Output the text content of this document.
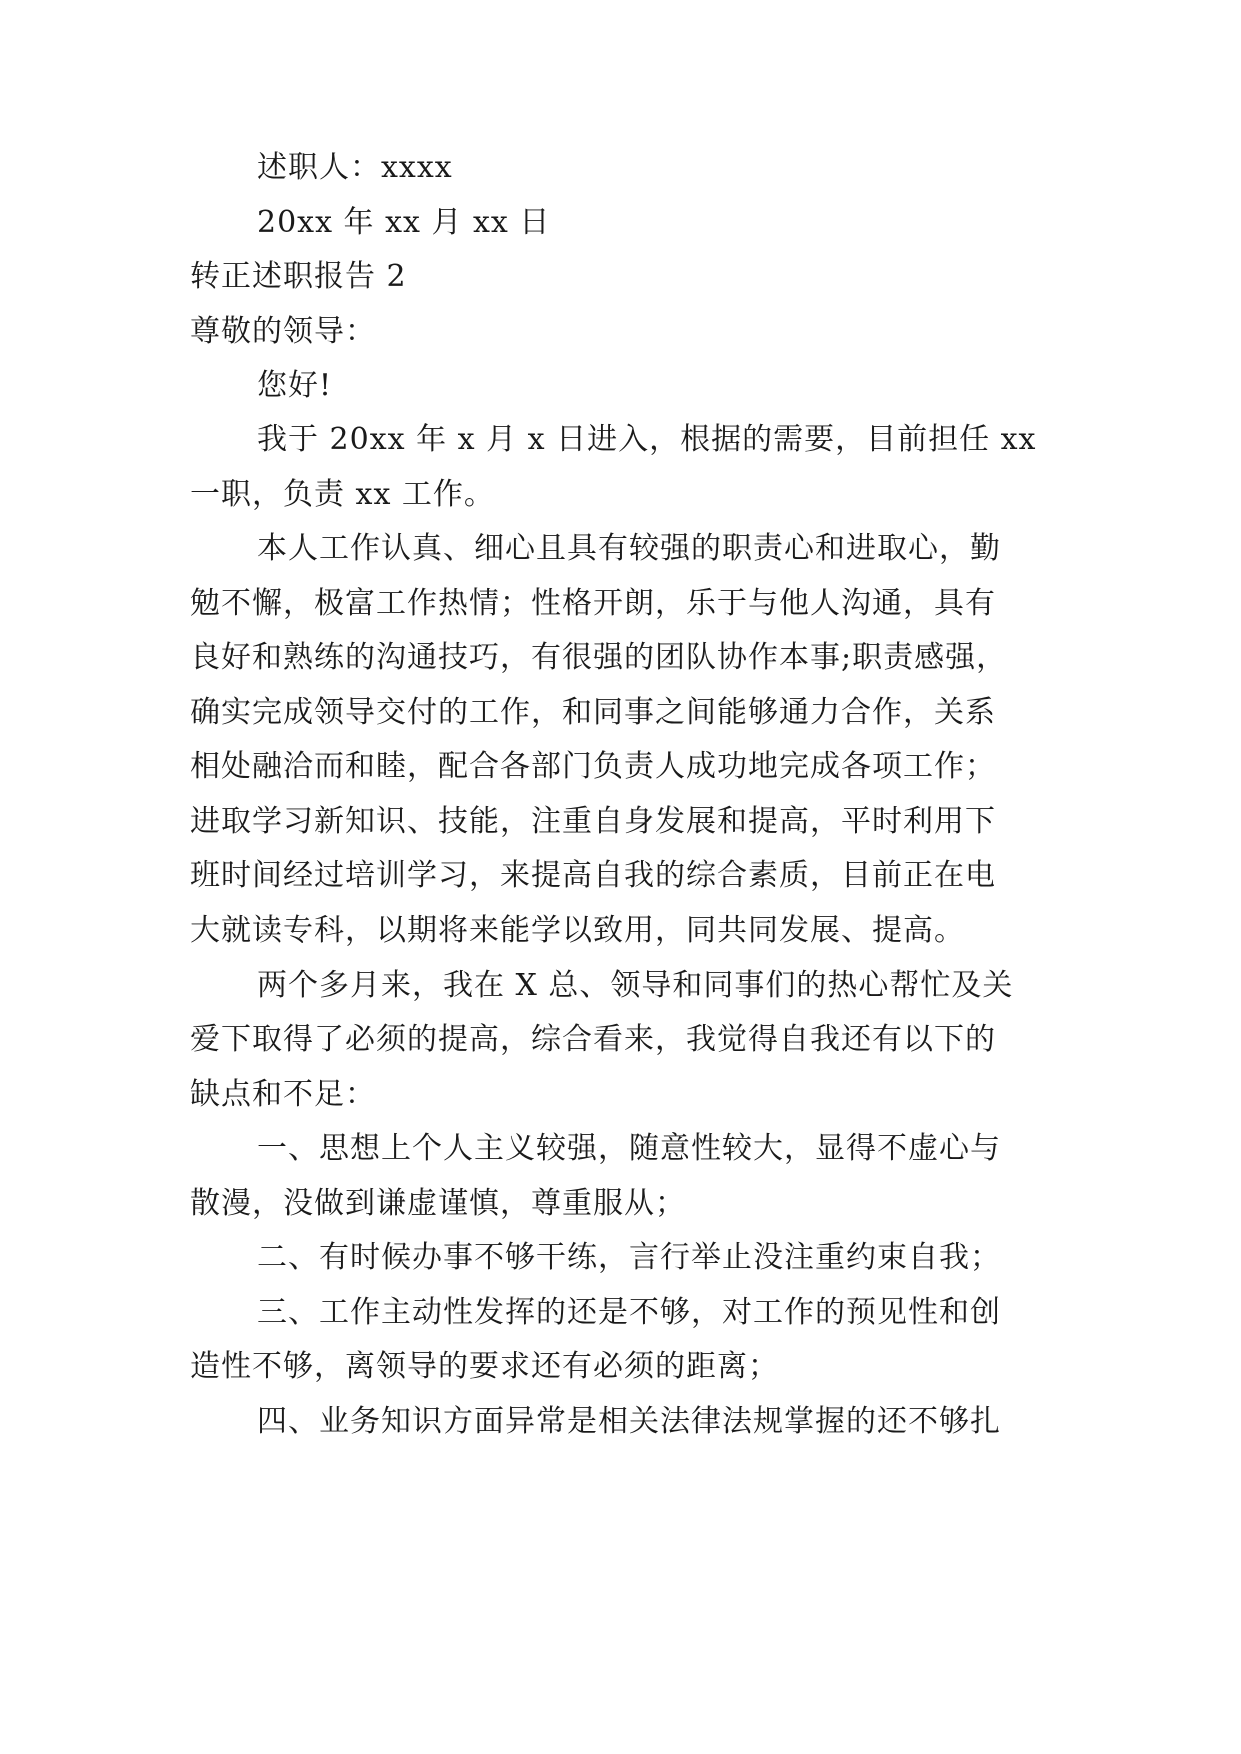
述职人：xxxx

20xx 年 xx 月 xx 日

转正述职报告 2

尊敬的领导：

您好!

我于 20xx 年 x 月 x 日进入，根据的需要，目前担任 xx

一职，负责 xx 工作。

本人工作认真、细心且具有较强的职责心和进取心，勤

勉不懈，极富工作热情；性格开朗，乐于与他人沟通，具有

良好和熟练的沟通技巧，有很强的团队协作本事;职责感强，

确实完成领导交付的工作，和同事之间能够通力合作，关系

相处融洽而和睦，配合各部门负责人成功地完成各项工作；

进取学习新知识、技能，注重自身发展和提高，平时利用下

班时间经过培训学习，来提高自我的综合素质，目前正在电

大就读专科，以期将来能学以致用，同共同发展、提高。

两个多月来，我在 X 总、领导和同事们的热心帮忙及关

爱下取得了必须的提高，综合看来，我觉得自我还有以下的

缺点和不足：

一、思想上个人主义较强，随意性较大，显得不虚心与

散漫，没做到谦虚谨慎，尊重服从；

二、有时候办事不够干练，言行举止没注重约束自我；

三、工作主动性发挥的还是不够，对工作的预见性和创

造性不够，离领导的要求还有必须的距离；

四、业务知识方面异常是相关法律法规掌握的还不够扎
